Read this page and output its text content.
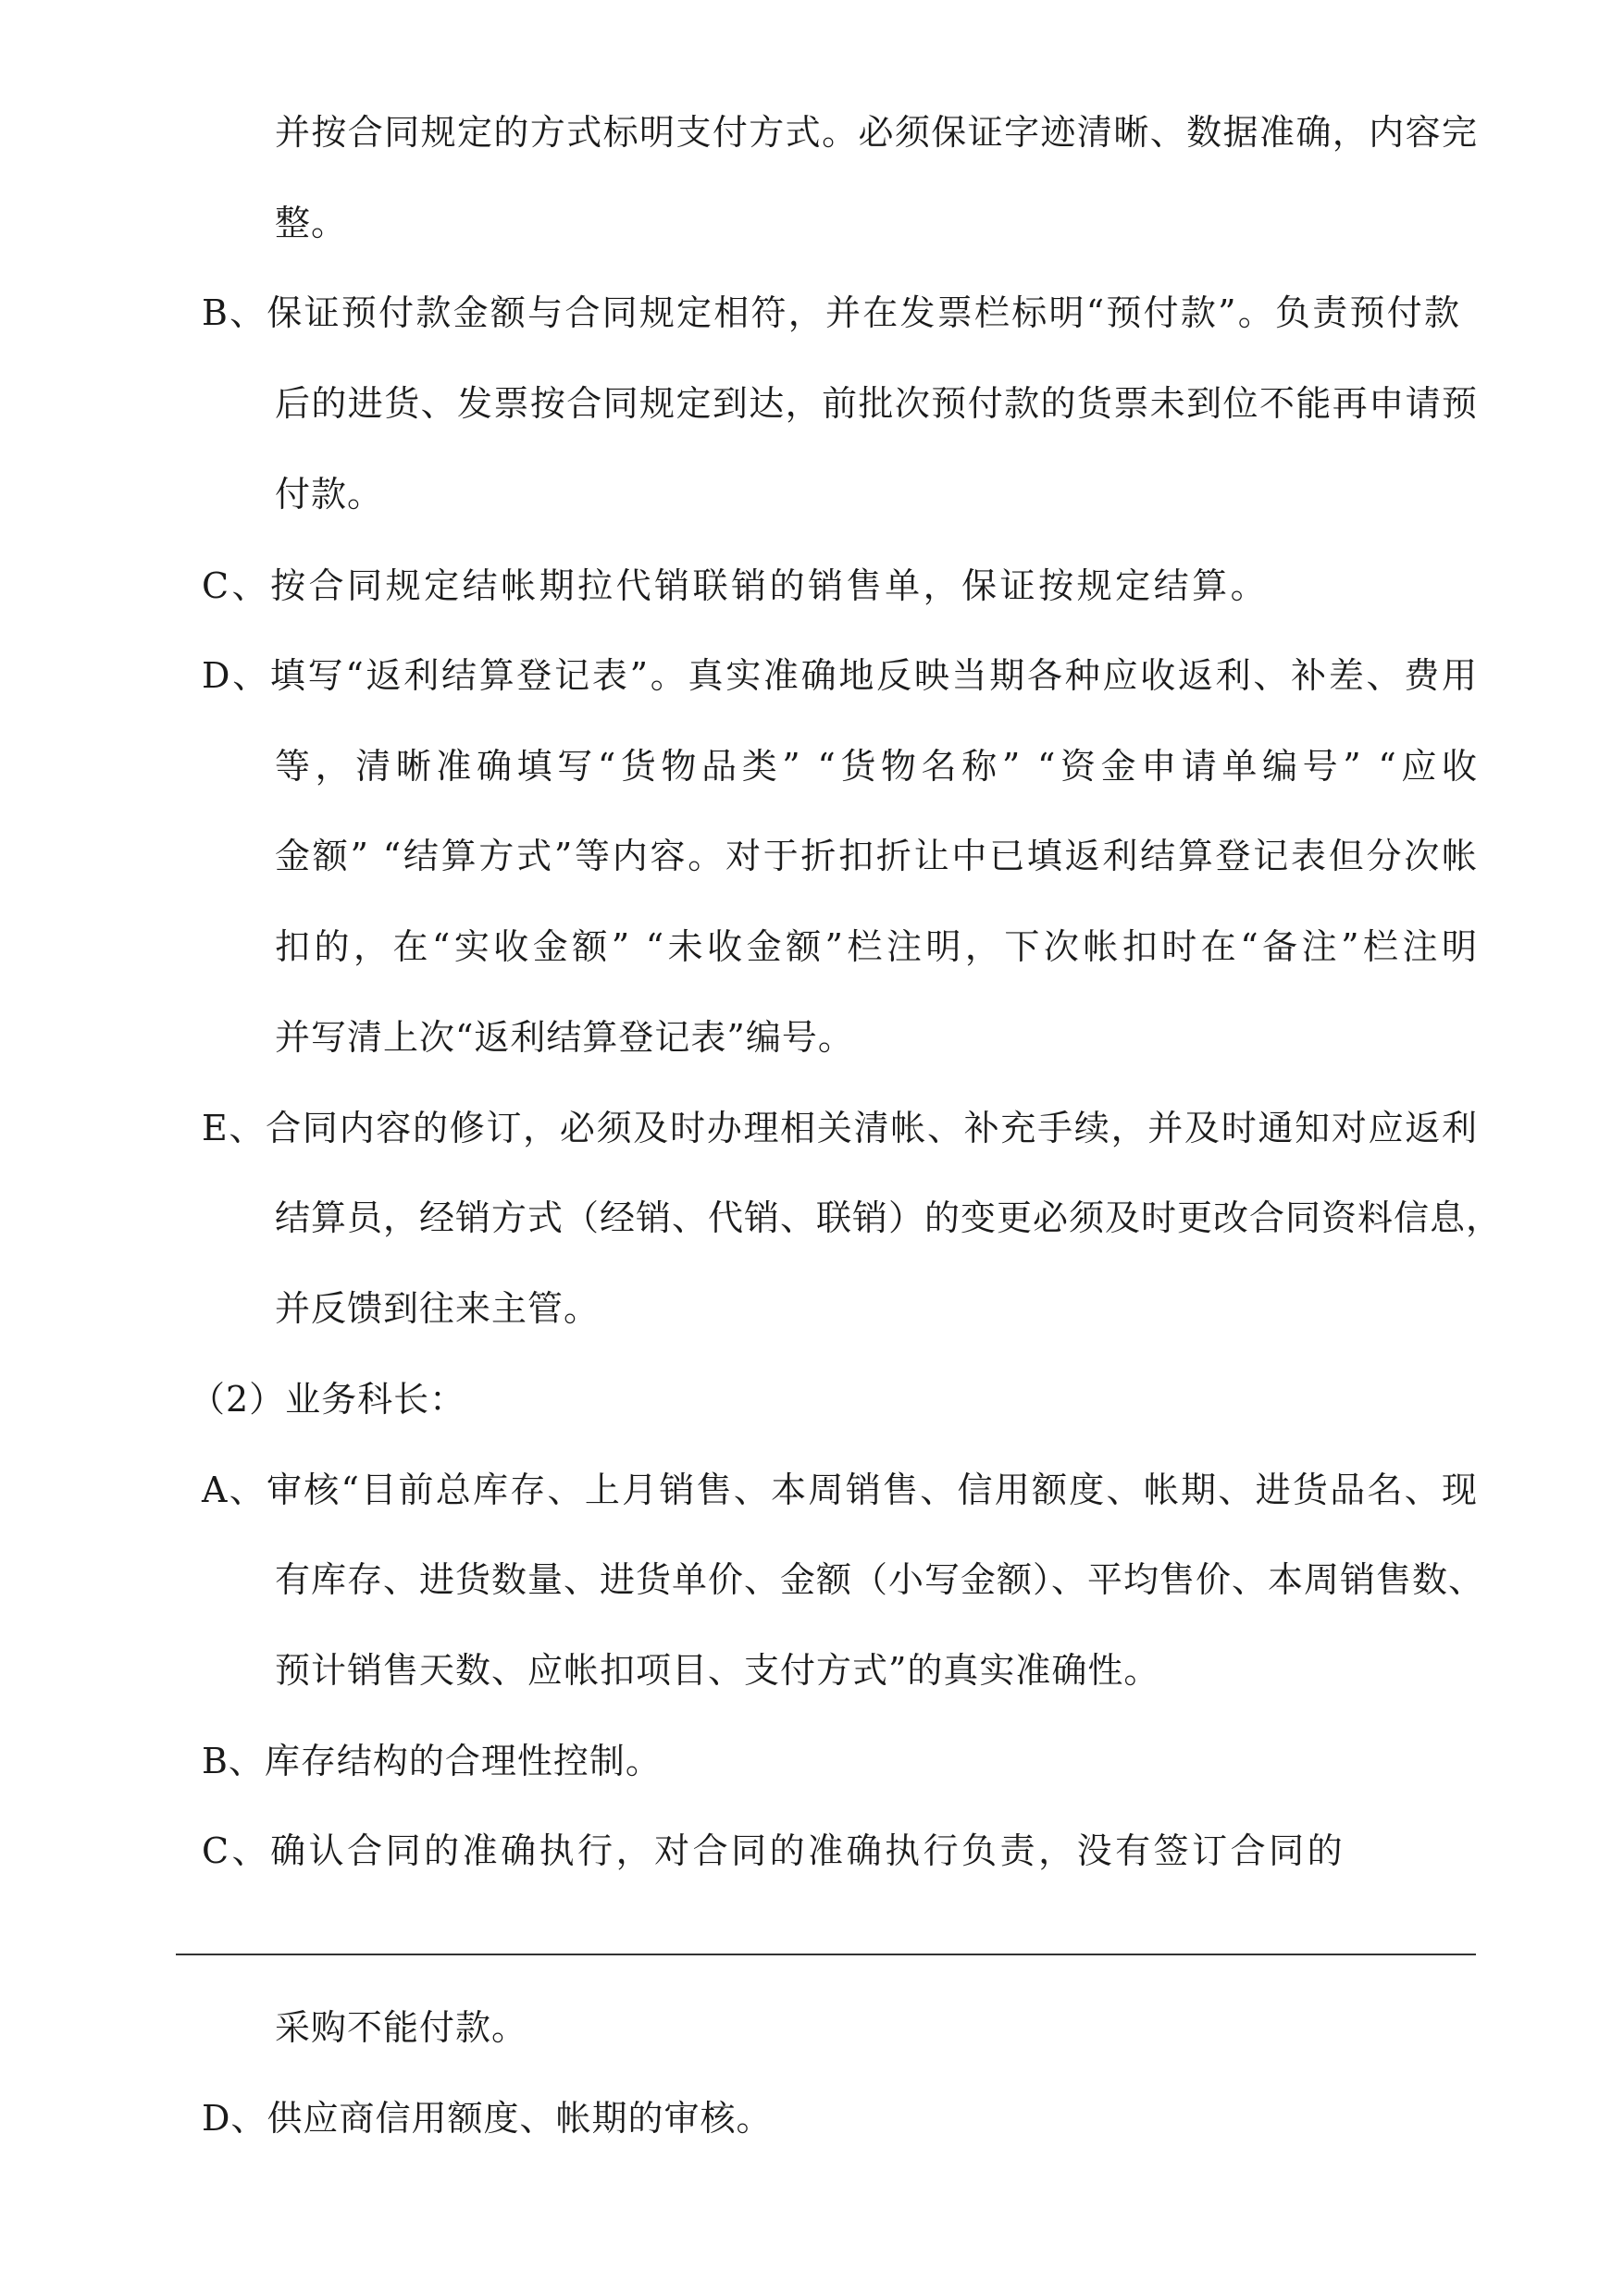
并按合同规定的方式标明支付方式。必须保证字迹清晰、数据准确，内容完
整。
B、保证预付款金额与合同规定相符，并在发票栏标明“预付款”。负责预付款
后的进货、发票按合同规定到达，前批次预付款的货票未到位不能再申请预
付款。
C、按合同规定结帐期拉代销联销的销售单，保证按规定结算。
D、填写“返利结算登记表”。真实准确地反映当期各种应收返利、补差、费用
等，清晰准确填写“货物品类” “货物名称” “资金申请单编号” “应收
金额” “结算方式”等内容。对于折扣折让中已填返利结算登记表但分次帐
扣的，在“实收金额” “未收金额”栏注明，下次帐扣时在“备注”栏注明
并写清上次“返利结算登记表”编号。
E、合同内容的修订，必须及时办理相关清帐、补充手续，并及时通知对应返利
结算员，经销方式（经销、代销、联销）的变更必须及时更改合同资料信息，
并反馈到往来主管。
（2）业务科长：
A、审核“目前总库存、上月销售、本周销售、信用额度、帐期、进货品名、现
有库存、进货数量、进货单价、金额（小写金额）、平均售价、本周销售数、
预计销售天数、应帐扣项目、支付方式”的真实准确性。
B、库存结构的合理性控制。
C、确认合同的准确执行，对合同的准确执行负责，没有签订合同的
采购不能付款。
D、供应商信用额度、帐期的审核。
